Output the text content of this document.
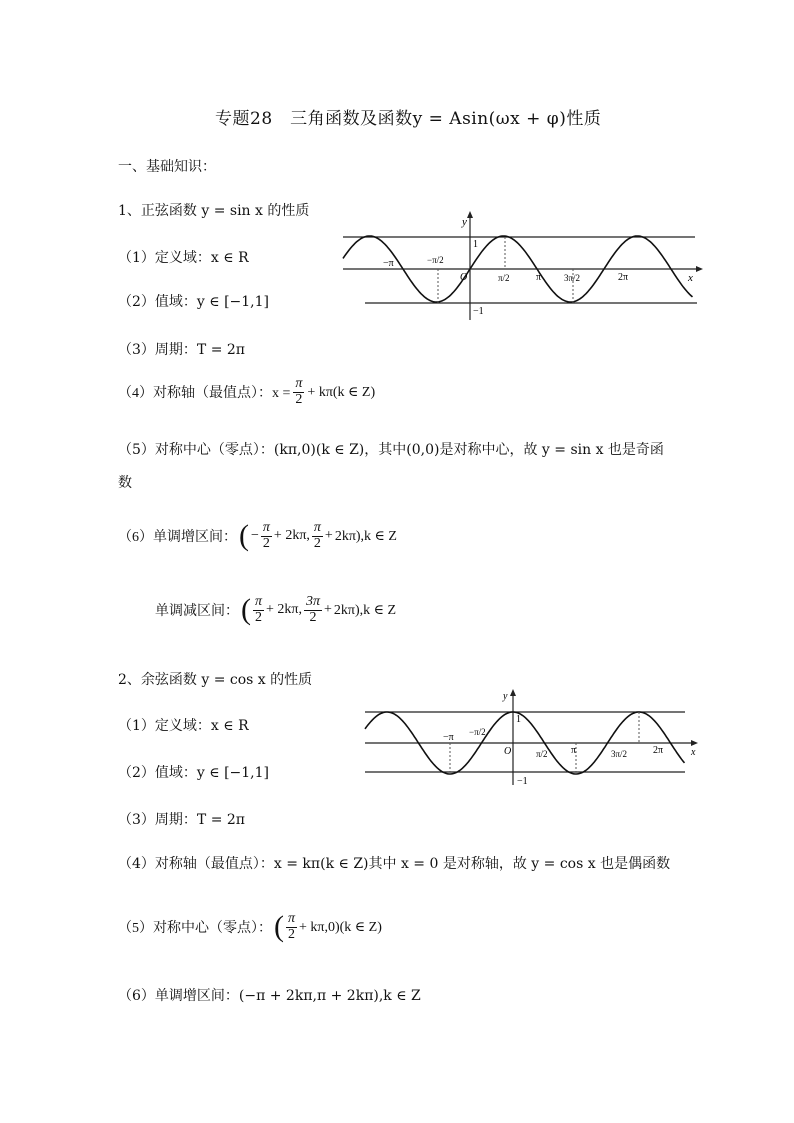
专题28　三角函数及函数y = Asin(ωx + φ)性质
一、基础知识：
1、正弦函数 y = sin x 的性质
（1）定义域：x ∈ R
（2）值域：y ∈ [−1,1]
（3）周期：T = 2π
（4）对称轴（最值点）：$x = \frac{\pi}{2} + k\pi(k$ ∈ Z)
（5）对称中心（零点）：(kπ,0)(k ∈ Z)，其中(0,0)是对称中心，故 y = sin x 也是奇函
数
（6）单调增区间： ( − $\frac{\pi}{2} + 2k\pi$, $\frac{\pi}{2} + 2k\pi),k$ ∈ Z
单调减区间： ( $\frac{\pi}{2} + 2k\pi$, $\frac{3\pi}{2} + 2k\pi),k$ ∈ Z
y
1
−π	−π/2
O	π/2	π	3π/2	2π
−1
x
2、余弦函数 y = cos x 的性质
（1）定义域：x ∈ R
（2）值域：y ∈ [−1,1]
（3）周期：T = 2π
（4）对称轴（最值点）：x = kπ(k ∈ Z)其中 x = 0 是对称轴，故 y = cos x 也是偶函数
（5）对称中心（零点）： ( $\frac{\pi}{2} + k\pi,0)(k$ ∈ Z)
（6）单调增区间：(−π + 2kπ,π + 2kπ),k ∈ Z
y
1
−π −π/2
O	π/2 π	3π/2	2π
−1
x
